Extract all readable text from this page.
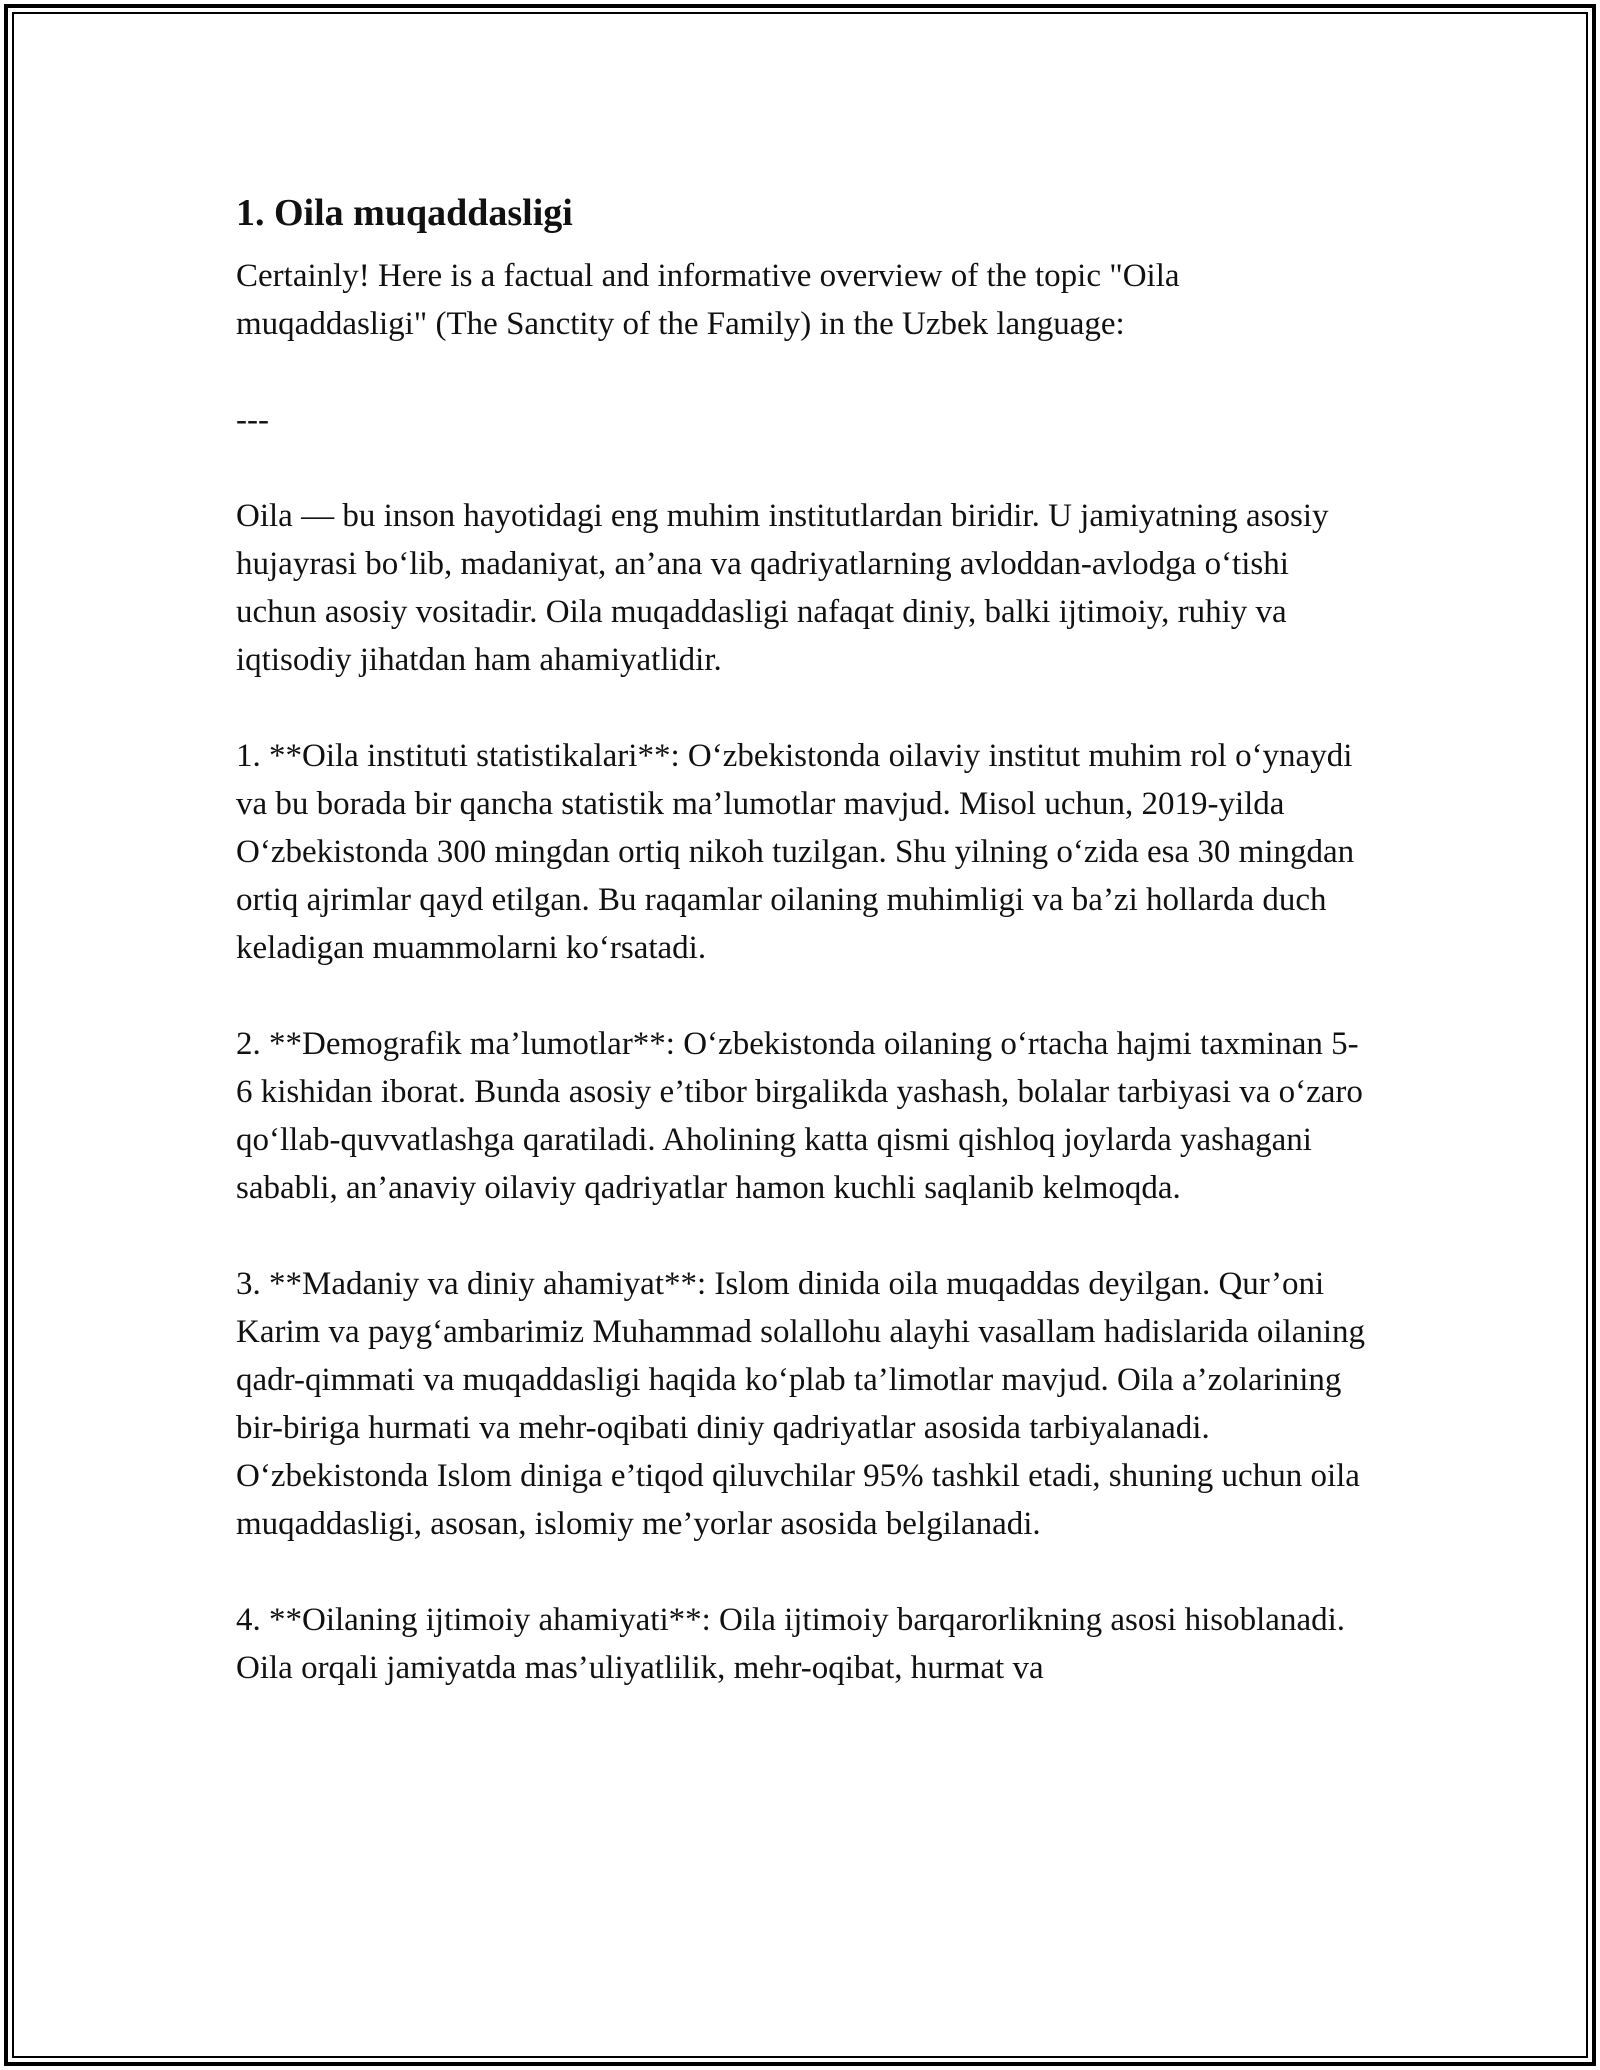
1. Oila muqaddasligi

Certainly! Here is a factual and informative overview of the topic "Oila muqaddasligi" (The Sanctity of the Family) in the Uzbek language:

---

Oila — bu inson hayotidagi eng muhim institutlardan biridir. U jamiyatning asosiy hujayrasi bo‘lib, madaniyat, an’ana va qadriyatlarning avloddan-avlodga o‘tishi uchun asosiy vositadir. Oila muqaddasligi nafaqat diniy, balki ijtimoiy, ruhiy va iqtisodiy jihatdan ham ahamiyatlidir.

1. **Oila instituti statistikalari**: O‘zbekistonda oilaviy institut muhim rol o‘ynaydi va bu borada bir qancha statistik ma’lumotlar mavjud. Misol uchun, 2019-yilda O‘zbekistonda 300 mingdan ortiq nikoh tuzilgan. Shu yilning o‘zida esa 30 mingdan ortiq ajrimlar qayd etilgan. Bu raqamlar oilaning muhimligi va ba’zi hollarda duch keladigan muammolarni ko‘rsatadi.

2. **Demografik ma’lumotlar**: O‘zbekistonda oilaning o‘rtacha hajmi taxminan 5-6 kishidan iborat. Bunda asosiy e’tibor birgalikda yashash, bolalar tarbiyasi va o‘zaro qo‘llab-quvvatlashga qaratiladi. Aholining katta qismi qishloq joylarda yashagani sababli, an’anaviy oilaviy qadriyatlar hamon kuchli saqlanib kelmoqda.

3. **Madaniy va diniy ahamiyat**: Islom dinida oila muqaddas deyilgan. Qur’oni Karim va payg‘ambarimiz Muhammad solallohu alayhi vasallam hadislarida oilaning qadr-qimmati va muqaddasligi haqida ko‘plab ta’limotlar mavjud. Oila a’zolarining bir-biriga hurmati va mehr-oqibati diniy qadriyatlar asosida tarbiyalanadi. O‘zbekistonda Islom diniga e’tiqod qiluvchilar 95% tashkil etadi, shuning uchun oila muqaddasligi, asosan, islomiy me’yorlar asosida belgilanadi.

4. **Oilaning ijtimoiy ahamiyati**: Oila ijtimoiy barqarorlikning asosi hisoblanadi. Oila orqali jamiyatda mas’uliyatlilik, mehr-oqibat, hurmat va
